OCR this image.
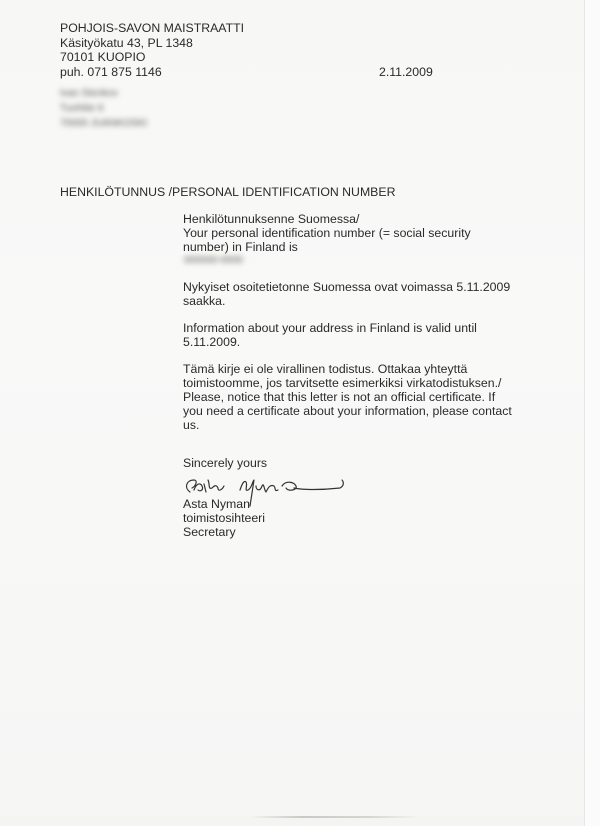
POHJOIS-SAVON MAISTRAATTI
Käsityökatu 43, PL 1348
70101 KUOPIO
puh. 071 875 1146	2.11.2009
Ivan Stenkov
Tuohitie 6
70000 JUANKOSKI
HENKILÖTUNNUS /PERSONAL IDENTIFICATION NUMBER
Henkilötunnuksenne Suomessa/
Your personal identification number (= social security
number) in Finland is
000000-0000
Nykyiset osoitetietonne Suomessa ovat voimassa 5.11.2009
saakka.
Information about your address in Finland is valid until
5.11.2009.
Tämä kirje ei ole virallinen todistus. Ottakaa yhteyttä
toimistoomme, jos tarvitsette esimerkiksi virkatodistuksen./
Please, notice that this letter is not an official certificate. If
you need a certificate about your information, please contact
us.
Sincerely yours
Asta Nyman
toimistosihteeri
Secretary
